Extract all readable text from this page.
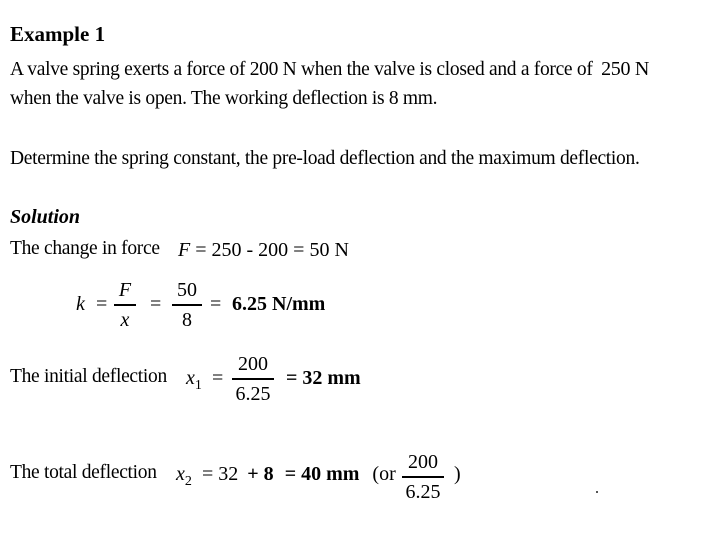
Example 1
A valve spring exerts a force of 200 N when the valve is closed and a force of 250 N
when the valve is open. The working deflection is 8 mm.
Determine the spring constant, the pre-load deflection and the maximum deflection.
Solution
The change in force F = 250 - 200 = 50 N
k =
F
x
=
50
8
= 6.25 N/mm
The initial deflection $x_1$ =
200
6.25
= 32 mm
The total deflection $x_2 = 32 + 8 = 40$ mm (or
200
6.25
)
